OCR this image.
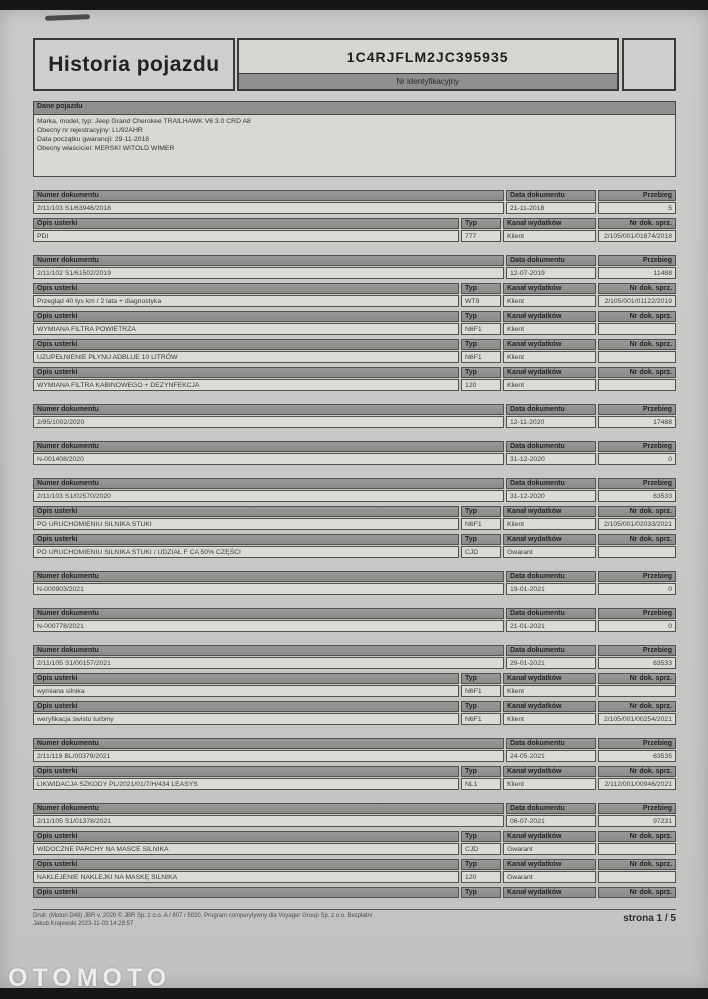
Historia pojazdu	1C4RJFLM2JC395935
Nr identyfikacyjny
Dane pojazdu
Marka, model, typ: Jeep Grand Cherokee TRAILHAWK V6 3.0 CRD A8
Obecny nr rejestracyjny: LU92AHR
Data początku gwarancji: 29-11-2018
Obecny właściciel: MERSKI WITOLD WIMER
Numer dokumentu	Data dokumentu	Przebieg
2/11/103 S1/63946/2018	21-11-2018	5
Opis usterki	Typ	Kanał wydatków	Nr dok. sprz.
PDI	777	Klient	2/105/001/01874/2018
Numer dokumentu	Data dokumentu	Przebieg
2/11/102 S1/61502/2019	12-07-2019	11488
Opis usterki	Typ	Kanał wydatków	Nr dok. sprz.
Przegląd 40 tys km / 2 lata + diagnostyka	WT9	Klient	2/105/001/01122/2019
Opis usterki	Typ	Kanał wydatków	Nr dok. sprz.
WYMIANA FILTRA POWIETRZA	N6F1	Klient
Opis usterki	Typ	Kanał wydatków	Nr dok. sprz.
UZUPEŁNIENIE PŁYNU ADBLUE 10 LITRÓW	N6F1	Klient
Opis usterki	Typ	Kanał wydatków	Nr dok. sprz.
WYMIANA FILTRA KABINOWEGO + DEZYNFEKCJA	120	Klient
Numer dokumentu	Data dokumentu	Przebieg
2/95/1002/2020	12-11-2020	17488
Numer dokumentu	Data dokumentu	Przebieg
N-001408/2020	31-12-2020	0
Numer dokumentu	Data dokumentu	Przebieg
2/11/103 S1/02570/2020	31-12-2020	63533
Opis usterki	Typ	Kanał wydatków	Nr dok. sprz.
PO URUCHOMIENIU SILNIKA STUKI	N6F1	Klient	2/105/001/02033/2021
Opis usterki	Typ	Kanał wydatków	Nr dok. sprz.
PO URUCHOMIENIU SILNIKA STUKI / UDZIAŁ F CA 50% CZĘŚCI	CJD	Gwarant
Numer dokumentu	Data dokumentu	Przebieg
N-000903/2021	19-01-2021	0
Numer dokumentu	Data dokumentu	Przebieg
N-000778/2021	21-01-2021	0
Numer dokumentu	Data dokumentu	Przebieg
2/11/105 S1/00157/2021	29-01-2021	63533
Opis usterki	Typ	Kanał wydatków	Nr dok. sprz.
wymiana silnika	N6F1	Klient
Opis usterki	Typ	Kanał wydatków	Nr dok. sprz.
weryfikacja świstu turbiny	N6F1	Klient	2/105/001/00254/2021
Numer dokumentu	Data dokumentu	Przebieg
2/11/119 BL/00379/2021	24-05-2021	63535
Opis usterki	Typ	Kanał wydatków	Nr dok. sprz.
LIKWIDACJA SZKODY PL/2021/01/7/H/434 LEASYS	NL1	Klient	2/112/001/00946/2021
Numer dokumentu	Data dokumentu	Przebieg
2/11/105 S1/01378/2021	06-07-2021	97231
Opis usterki	Typ	Kanał wydatków	Nr dok. sprz.
WIDOCZNE PARCHY NA MASCE SILNIKA	CJD	Gwarant
Opis usterki	Typ	Kanał wydatków	Nr dok. sprz.
NAKLEJENIE NAKLEJKI NA MASKĘ SILNIKA	120	Gwarant
Opis usterki	Typ	Kanał wydatków	Nr dok. sprz.
Druk: (Motori D48) JBR v. 2020 © JBR Sp. z o.o. A / 807 / 5020, Program comperytywny dla Voyager Group Sp. z o.o. Bezpłatni
Jakub Krajewski 2023-11-03 14:28:57	strona 1 / 5
OTOMOTO
